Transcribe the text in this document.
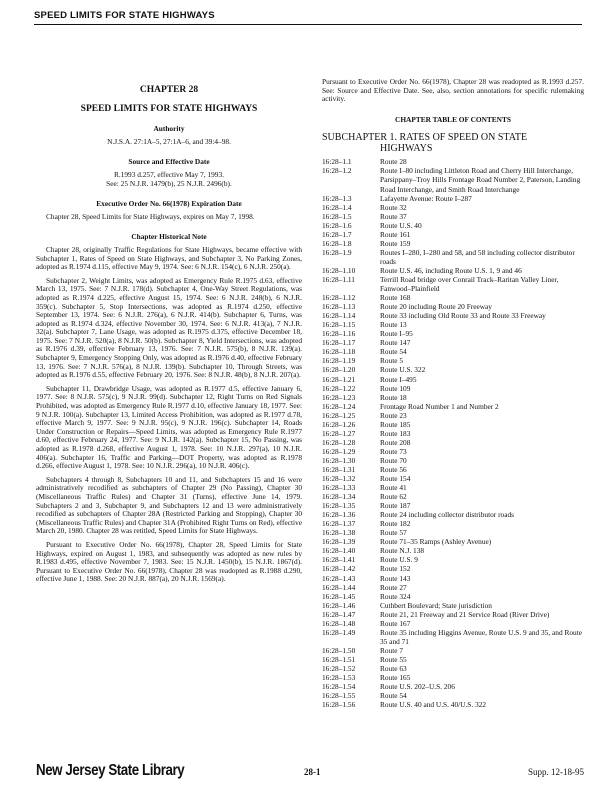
SPEED LIMITS FOR STATE HIGHWAYS
CHAPTER 28
SPEED LIMITS FOR STATE HIGHWAYS
Authority
N.J.S.A. 27:1A–5, 27:1A–6, and 39:4–98.
Source and Effective Date
R.1993 d.257, effective May 7, 1993.
See: 25 N.J.R. 1479(b), 25 N.J.R. 2496(b).
Executive Order No. 66(1978) Expiration Date

Chapter 28, Speed Limits for State Highways, expires on May 7, 1998.

Chapter Historical Note

Chapter 28, originally Traffic Regulations for State Highways, became effective with Subchapter 1, Rates of Speed on State Highways, and Subchapter 3, No Parking Zones, adopted as R.1974 d.115, effective May 9, 1974. See: 6 N.J.R. 154(c), 6 N.J.R. 250(a).

Subchapter 2, Weight Limits, was adopted as Emergency Rule R.1975 d.63, effective March 13, 1975. See: 7 N.J.R. 178(d). Subchapter 4, One-Way Street Regulations, was adopted as R.1974 d.225, effective August 15, 1974. See: 6 N.J.R. 248(b), 6 N.J.R. 359(c). Subchapter 5, Stop Intersections, was adopted as R.1974 d.250, effective September 13, 1974. See: 6 N.J.R. 276(a), 6 N.J.R. 414(b). Subchapter 6, Turns, was adopted as R.1974 d.324, effective November 30, 1974. See: 6 N.J.R. 413(a), 7 N.J.R. 32(a). Subchapter 7, Lane Usage, was adopted as R.1975 d.375, effective December 18, 1975. See: 7 N.J.R. 520(a), 8 N.J.R. 50(b). Subchapter 8, Yield Intersections, was adopted as R.1976 d.39, effective February 13, 1976. See: 7 N.J.R. 575(b), 8 N.J.R. 139(a). Subchapter 9, Emergency Stopping Only, was adopted as R.1976 d.40, effective February 13, 1976. See: 7 N.J.R. 576(a), 8 N.J.R. 139(b). Subchapter 10, Through Streets, was adopted as R.1976 d.55, effective February 20, 1976. See: 8 N.J.R. 48(b), 8 N.J.R. 207(a).

Subchapter 11, Drawbridge Usage, was adopted as R.1977 d.5, effective January 6, 1977. See: 8 N.J.R. 575(c), 9 N.J.R. 99(d). Subchapter 12, Right Turns on Red Signals Prohibited, was adopted as Emergency Rule R.1977 d.10, effective January 18, 1977. See: 9 N.J.R. 100(a). Subchapter 13, Limited Access Prohibition, was adopted as R.1977 d.78, effective March 9, 1977. See: 9 N.J.R. 95(c), 9 N.J.R. 196(c). Subchapter 14, Roads Under Construction or Repairs—Speed Limits, was adopted as Emergency Rule R.1977 d.60, effective February 24, 1977. See: 9 N.J.R. 142(a). Subchapter 15, No Passing, was adopted as R.1978 d.268, effective August 1, 1978. See: 10 N.J.R. 297(a), 10 N.J.R. 406(a). Subchapter 16, Traffic and Parking—DOT Property, was adopted as R.1978 d.266, effective August 1, 1978. See: 10 N.J.R. 296(a), 10 N.J.R. 406(c).

Subchapters 4 through 8, Subchapters 10 and 11, and Subchapters 15 and 16 were administratively recodified as subchapters of Chapter 29 (No Passing), Chapter 30 (Miscellaneous Traffic Rules) and Chapter 31 (Turns), effective June 14, 1979. Subchapters 2 and 3, Subchapter 9, and Subchapters 12 and 13 were administratively recodified as subchapters of Chapter 28A (Restricted Parking and Stopping), Chapter 30 (Miscellaneous Traffic Rules) and Chapter 31A (Prohibited Right Turns on Red), effective March 20, 1980. Chapter 28 was retitled, Speed Limits for State Highways.

Pursuant to Executive Order No. 66(1978), Chapter 28, Speed Limits for State Highways, expired on August 1, 1983, and subsequently was adopted as new rules by R.1983 d.495, effective November 7, 1983. See: 15 N.J.R. 1450(b), 15 N.J.R. 1867(d). Pursuant to Executive Order No. 66(1978), Chapter 28 was readopted as R.1988 d.290, effective June 1, 1988. See: 20 N.J.R. 887(a), 20 N.J.R. 1569(a).

Pursuant to Executive Order No. 66(1978), Chapter 28 was readopted as R.1993 d.257. See: Source and Effective Date. See, also, section annotations for specific rulemaking activity.

CHAPTER TABLE OF CONTENTS
SUBCHAPTER 1. RATES OF SPEED ON STATE
HIGHWAYS
16:28–1.1	Route 28
16:28–1.2	Route I–80 including Littleton Road and Cherry Hill Interchange, Parsippany–Troy Hills Frontage Road Number 2, Paterson, Landing Road Interchange, and Smith Road Interchange
16:28–1.3	Lafayette Avenue: Route I–287
16:28–1.4	Route 32
16:28–1.5	Route 37
16:28–1.6	Route U.S. 40
16:28–1.7	Route 161
16:28–1.8	Route 159
16:28–1.9	Routes I–280, I–280 and 58, and 58 including collector distributor roads
16:28–1.10	Route U.S. 46, including Route U.S. 1, 9 and 46
16:28–1.11	Terrill Road bridge over Conrail Track–Raritan Valley Liner, Fanwood–Plainfield
16:28–1.12	Route 168
16:28–1.13	Route 20 including Route 20 Freeway
16:28–1.14	Route 33 including Old Route 33 and Route 33 Freeway
16:28–1.15	Route 13
16:28–1.16	Route I–95
16:28–1.17	Route 147
16:28–1.18	Route 54
16:28–1.19	Route 5
16:28–1.20	Route U.S. 322
16:28–1.21	Route I–495
16:28–1.22	Route 109
16:28–1.23	Route 18
16:28–1.24	Frontage Road Number 1 and Number 2
16:28–1.25	Route 23
16:28–1.26	Route 185
16:28–1.27	Route 183
16:28–1.28	Route 208
16:28–1.29	Route 73
16:28–1.30	Route 70
16:28–1.31	Route 56
16:28–1.32	Route 154
16:28–1.33	Route 41
16:28–1.34	Route 62
16:28–1.35	Route 187
16:28–1.36	Route 24 including collector distributor roads
16:28–1.37	Route 182
16:28–1.38	Route 57
16:28–1.39	Route 71–35 Ramps (Ashley Avenue)
16:28–1.40	Route N.J. 138
16:28–1.41	Route U.S. 9
16:28–1.42	Route 152
16:28–1.43	Route 143
16:28–1.44	Route 27
16:28–1.45	Route 324
16:28–1.46	Cuthbert Boulevard; State jurisdiction
16:28–1.47	Route 21, 21 Freeway and 21 Service Road (River Drive)
16:28–1.48	Route 167
16:28–1.49	Route 35 including Higgins Avenue, Route U.S. 9 and 35, and Route 35 and 71
16:28–1.50	Route 7
16:28–1.51	Route 55
16:28–1.52	Route 63
16:28–1.53	Route 165
16:28–1.54	Route U.S. 202–U.S. 206
16:28–1.55	Route 54
16:28–1.56	Route U.S. 40 and U.S. 40/U.S. 322
New Jersey State Library	28-1	Supp. 12-18-95
